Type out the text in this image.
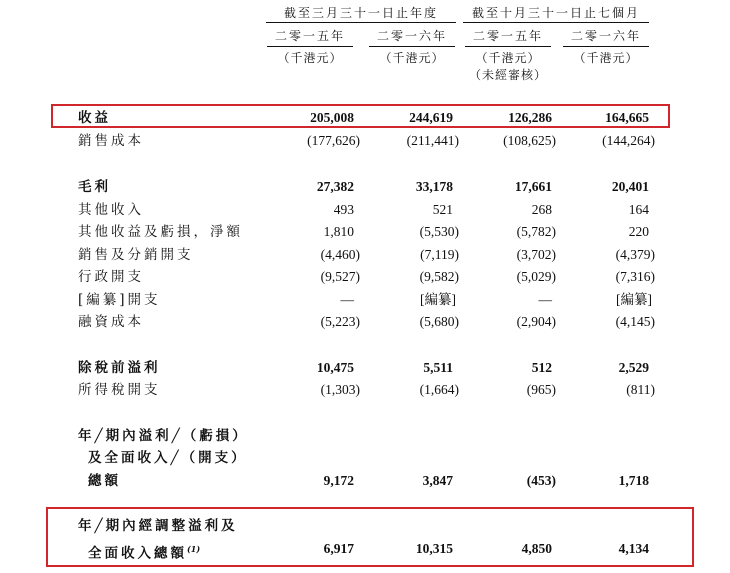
截至三月三十一日止年度	截至十月三十一日止七個月
二零一五年	二零一六年	二零一五年	二零一六年
（千港元）	（千港元）	（千港元）	（千港元）
（未經審核）
收益	205,008	244,619	126,286	164,665
銷售成本	(177,626)	(211,441)	(108,625)	(144,264)
毛利	27,382	33,178	17,661	20,401
其他收入	493	521	268	164
其他收益及虧損，淨額	1,810	(5,530)	(5,782)	220
銷售及分銷開支	(4,460)	(7,119)	(3,702)	(4,379)
行政開支	(9,527)	(9,582)	(5,029)	(7,316)
[編纂]開支	—	[編纂]	—	[編纂]
融資成本	(5,223)	(5,680)	(2,904)	(4,145)
除稅前溢利	10,475	5,511	512	2,529
所得稅開支	(1,303)	(1,664)	(965)	(811)
年╱期內溢利╱（虧損）
及全面收入╱（開支）
總額	9,172	3,847	(453)	1,718
年╱期內經調整溢利及
全面收入總額$^{(1)}$	6,917	10,315	4,850	4,134
